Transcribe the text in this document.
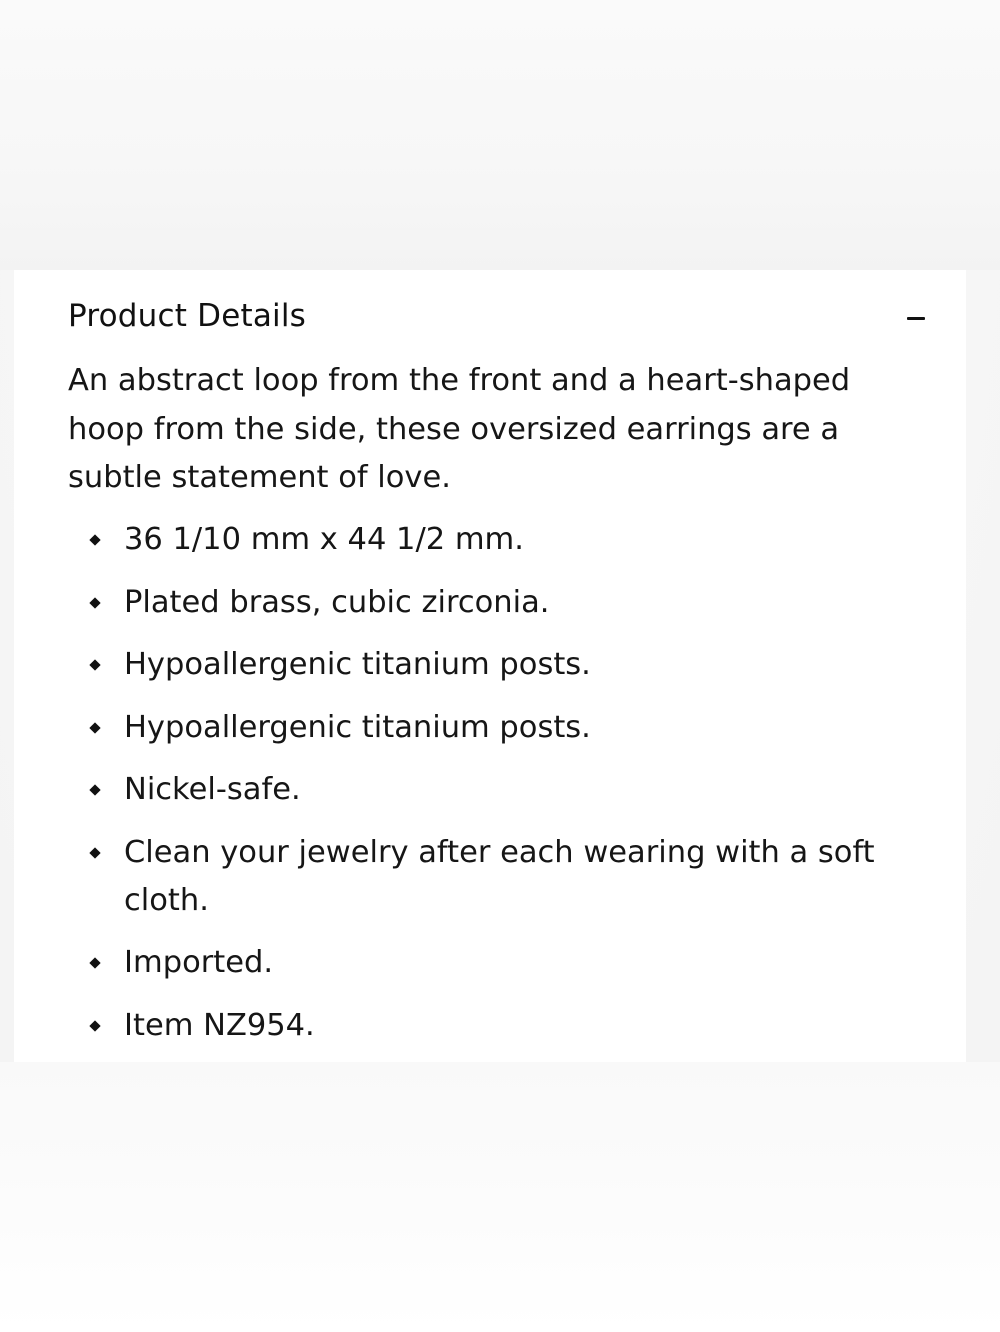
Product Details

An abstract loop from the front and a heart-shaped hoop from the side, these oversized earrings are a subtle statement of love.

36 1/10 mm x 44 1/2 mm.
Plated brass, cubic zirconia.
Hypoallergenic titanium posts.
Hypoallergenic titanium posts.
Nickel-safe.
Clean your jewelry after each wearing with a soft cloth.
Imported.
Item NZ954.
